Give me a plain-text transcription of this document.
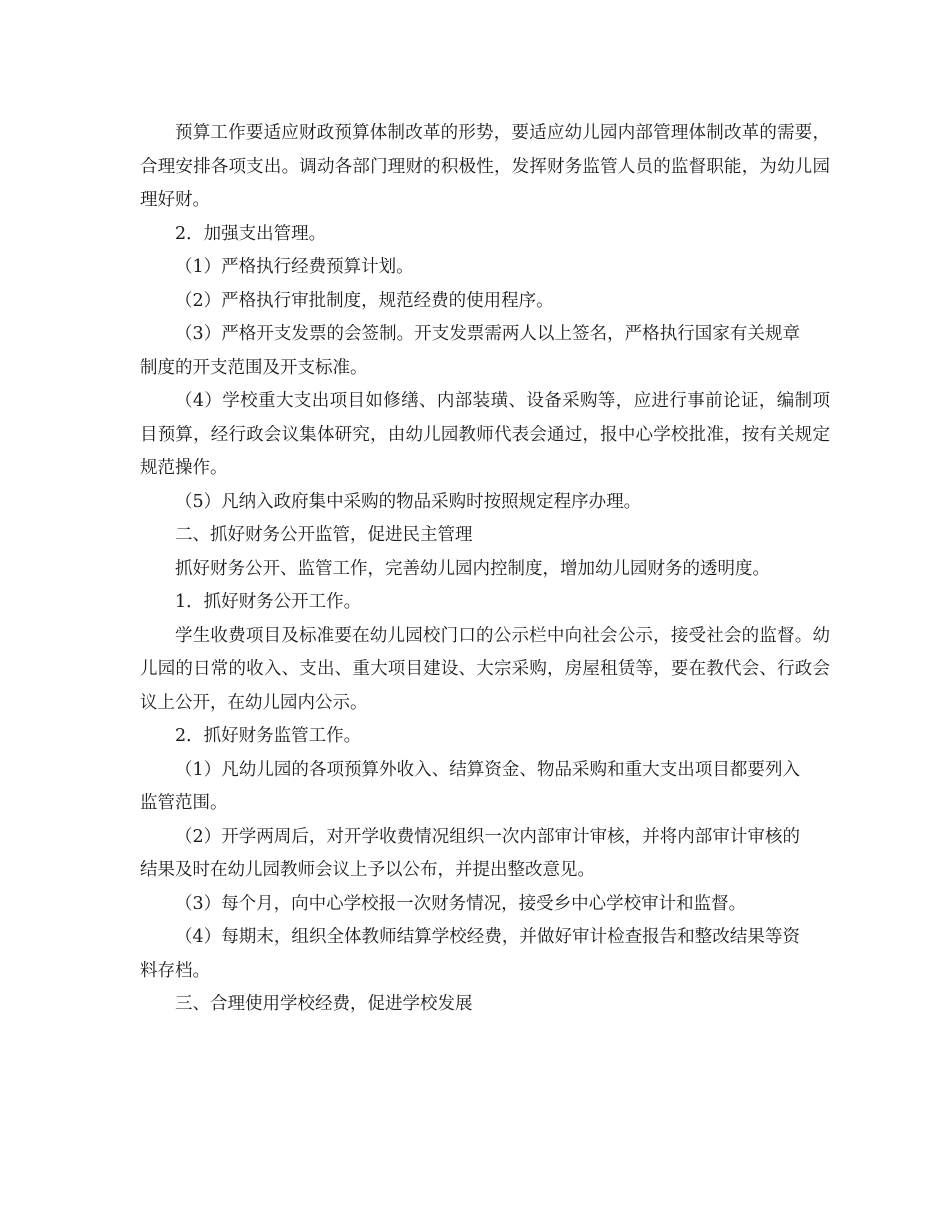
预算工作要适应财政预算体制改革的形势，要适应幼儿园内部管理体制改革的需要，合理安排各项支出。调动各部门理财的积极性，发挥财务监管人员的监督职能，为幼儿园理好财。

2．加强支出管理。

（1）严格执行经费预算计划。

（2）严格执行审批制度，规范经费的使用程序。

（3）严格开支发票的会签制。开支发票需两人以上签名，严格执行国家有关规章制度的开支范围及开支标准。

（4）学校重大支出项目如修缮、内部装璜、设备采购等，应进行事前论证，编制项目预算，经行政会议集体研究，由幼儿园教师代表会通过，报中心学校批准，按有关规定规范操作。

（5）凡纳入政府集中采购的物品采购时按照规定程序办理。

二、抓好财务公开监管，促进民主管理

抓好财务公开、监管工作，完善幼儿园内控制度，增加幼儿园财务的透明度。

1．抓好财务公开工作。

学生收费项目及标准要在幼儿园校门口的公示栏中向社会公示，接受社会的监督。幼儿园的日常的收入、支出、重大项目建设、大宗采购，房屋租赁等，要在教代会、行政会议上公开，在幼儿园内公示。

2．抓好财务监管工作。

（1）凡幼儿园的各项预算外收入、结算资金、物品采购和重大支出项目都要列入监管范围。

（2）开学两周后，对开学收费情况组织一次内部审计审核，并将内部审计审核的结果及时在幼儿园教师会议上予以公布，并提出整改意见。

（3）每个月，向中心学校报一次财务情况，接受乡中心学校审计和监督。

（4）每期末，组织全体教师结算学校经费，并做好审计检查报告和整改结果等资料存档。

三、合理使用学校经费，促进学校发展
